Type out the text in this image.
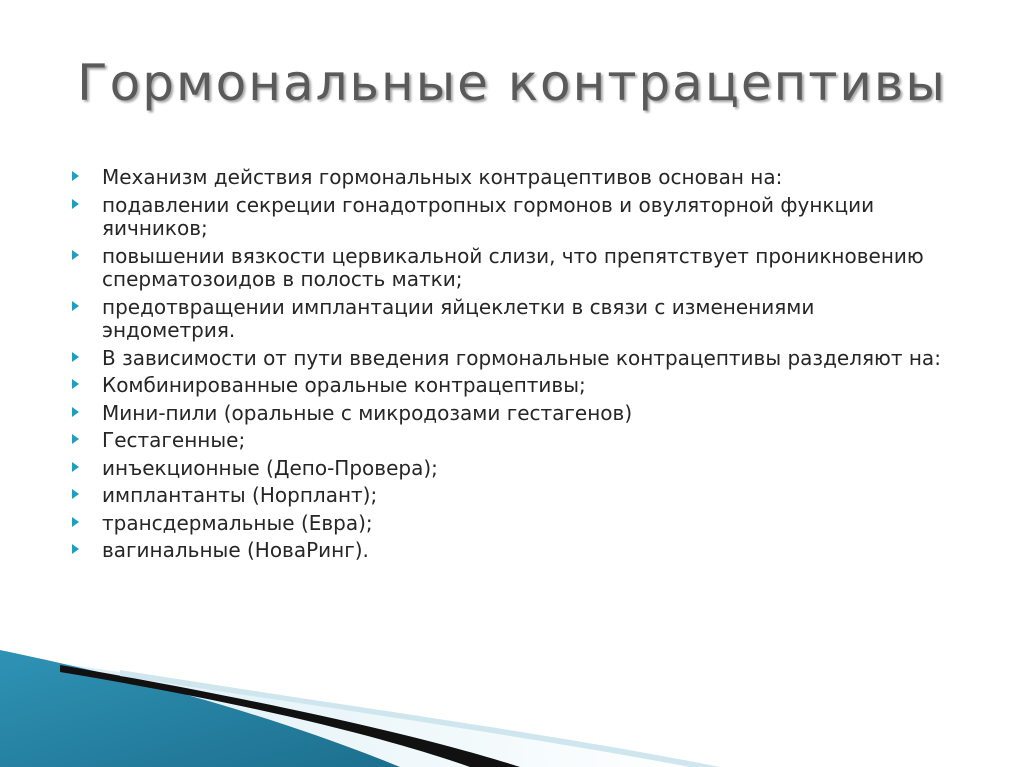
Гормональные контрацептивы
Механизм действия гормональных контрацептивов основан на:
подавлении секреции гонадотропных гормонов и овуляторной функции яичников;
повышении вязкости цервикальной слизи, что препятствует проникновению сперматозоидов в полость матки;
предотвращении имплантации яйцеклетки в связи с изменениями эндометрия.
В зависимости от пути введения гормональные контрацептивы разделяют на:
Комбинированные оральные контрацептивы;
Мини-пили (оральные с микродозами гестагенов)
Гестагенные;
инъекционные (Депо-Провера);
имплантанты (Норплант);
трансдермальные (Евра);
вагинальные (НоваРинг).
